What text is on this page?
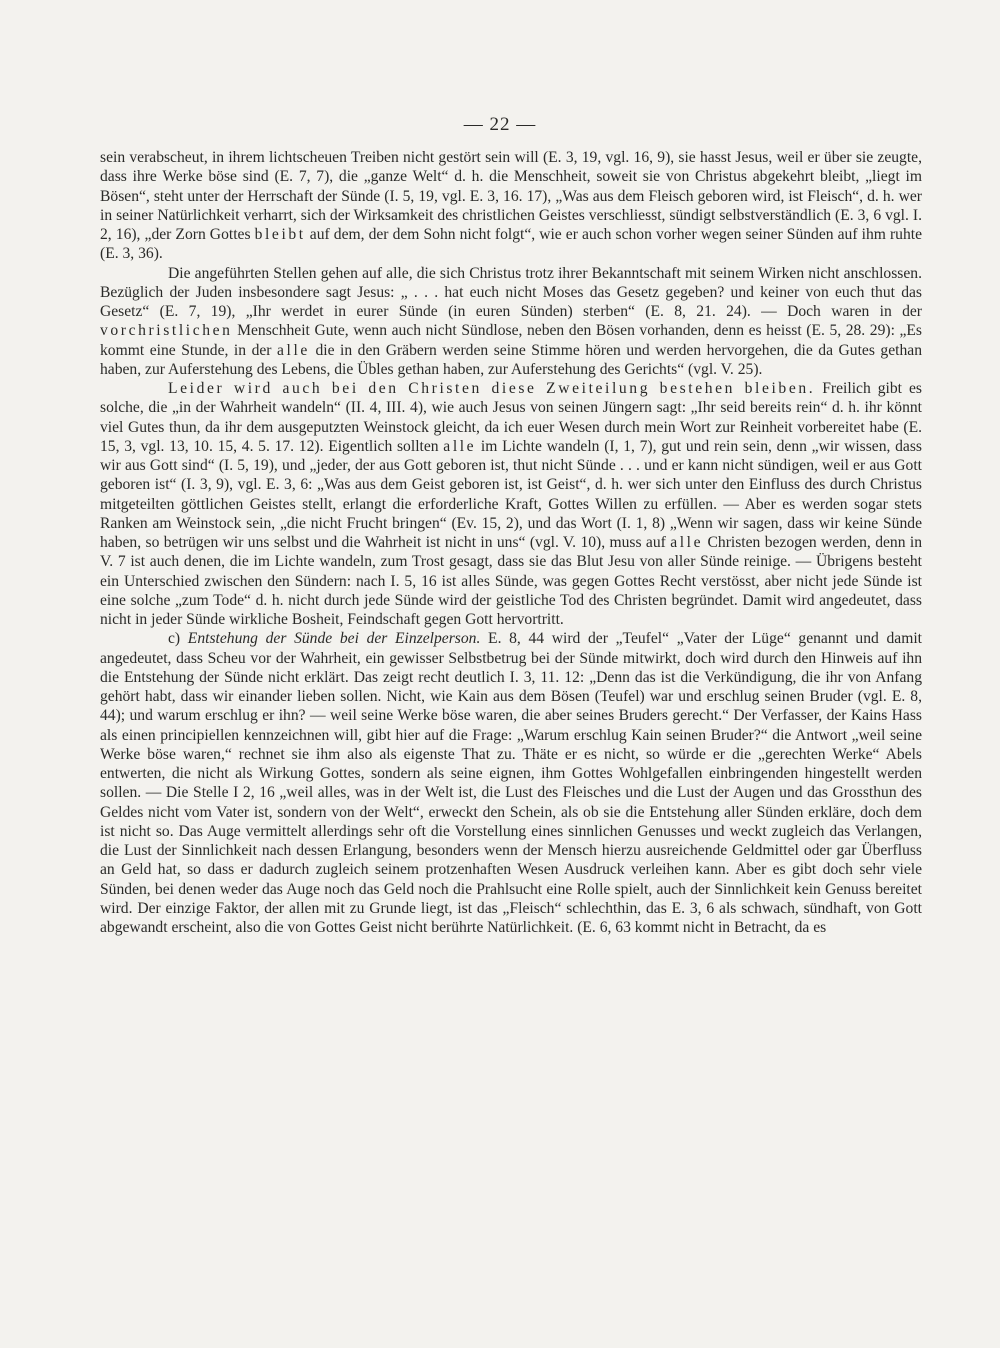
— 22 —

sein verabscheut, in ihrem lichtscheuen Treiben nicht gestört sein will (E. 3, 19, vgl. 16, 9), sie hasst Jesus, weil er über sie zeugte, dass ihre Werke böse sind (E. 7, 7), die „ganze Welt“ d. h. die Menschheit, soweit sie von Christus abgekehrt bleibt, „liegt im Bösen“, steht unter der Herrschaft der Sünde (I. 5, 19, vgl. E. 3, 16. 17), „Was aus dem Fleisch geboren wird, ist Fleisch“, d. h. wer in seiner Natürlichkeit verharrt, sich der Wirksamkeit des christlichen Geistes verschliesst, sündigt selbstverständlich (E. 3, 6 vgl. I. 2, 16), „der Zorn Gottes bleibt auf dem, der dem Sohn nicht folgt“, wie er auch schon vorher wegen seiner Sünden auf ihm ruhte (E. 3, 36).

Die angeführten Stellen gehen auf alle, die sich Christus trotz ihrer Bekanntschaft mit seinem Wirken nicht anschlossen. Bezüglich der Juden insbesondere sagt Jesus: „ . . . hat euch nicht Moses das Gesetz gegeben? und keiner von euch thut das Gesetz“ (E. 7, 19), „Ihr werdet in eurer Sünde (in euren Sünden) sterben“ (E. 8, 21. 24). — Doch waren in der vorchristlichen Menschheit Gute, wenn auch nicht Sündlose, neben den Bösen vorhanden, denn es heisst (E. 5, 28. 29): „Es kommt eine Stunde, in der alle die in den Gräbern werden seine Stimme hören und werden hervorgehen, die da Gutes gethan haben, zur Auferstehung des Lebens, die Übles gethan haben, zur Auferstehung des Gerichts“ (vgl. V. 25).

Leider wird auch bei den Christen diese Zweiteilung bestehen bleiben. Freilich gibt es solche, die „in der Wahrheit wandeln“ (II. 4, III. 4), wie auch Jesus von seinen Jüngern sagt: „Ihr seid bereits rein“ d. h. ihr könnt viel Gutes thun, da ihr dem ausgeputzten Weinstock gleicht, da ich euer Wesen durch mein Wort zur Reinheit vorbereitet habe (E. 15, 3, vgl. 13, 10. 15, 4. 5. 17. 12). Eigentlich sollten alle im Lichte wandeln (I, 1, 7), gut und rein sein, denn „wir wissen, dass wir aus Gott sind“ (I. 5, 19), und „jeder, der aus Gott geboren ist, thut nicht Sünde . . . und er kann nicht sündigen, weil er aus Gott geboren ist“ (I. 3, 9), vgl. E. 3, 6: „Was aus dem Geist geboren ist, ist Geist“, d. h. wer sich unter den Einfluss des durch Christus mitgeteilten göttlichen Geistes stellt, erlangt die erforderliche Kraft, Gottes Willen zu erfüllen. — Aber es werden sogar stets Ranken am Weinstock sein, „die nicht Frucht bringen“ (Ev. 15, 2), und das Wort (I. 1, 8) „Wenn wir sagen, dass wir keine Sünde haben, so betrügen wir uns selbst und die Wahrheit ist nicht in uns“ (vgl. V. 10), muss auf alle Christen bezogen werden, denn in V. 7 ist auch denen, die im Lichte wandeln, zum Trost gesagt, dass sie das Blut Jesu von aller Sünde reinige. — Übrigens besteht ein Unterschied zwischen den Sündern: nach I. 5, 16 ist alles Sünde, was gegen Gottes Recht verstösst, aber nicht jede Sünde ist eine solche „zum Tode“ d. h. nicht durch jede Sünde wird der geistliche Tod des Christen begründet. Damit wird angedeutet, dass nicht in jeder Sünde wirkliche Bosheit, Feindschaft gegen Gott hervortritt.

c) Entstehung der Sünde bei der Einzelperson. E. 8, 44 wird der „Teufel“ „Vater der Lüge“ genannt und damit angedeutet, dass Scheu vor der Wahrheit, ein gewisser Selbstbetrug bei der Sünde mitwirkt, doch wird durch den Hinweis auf ihn die Entstehung der Sünde nicht erklärt. Das zeigt recht deutlich I. 3, 11. 12: „Denn das ist die Verkündigung, die ihr von Anfang gehört habt, dass wir einander lieben sollen. Nicht, wie Kain aus dem Bösen (Teufel) war und erschlug seinen Bruder (vgl. E. 8, 44); und warum erschlug er ihn? — weil seine Werke böse waren, die aber seines Bruders gerecht.“ Der Verfasser, der Kains Hass als einen principiellen kennzeichnen will, gibt hier auf die Frage: „Warum erschlug Kain seinen Bruder?“ die Antwort „weil seine Werke böse waren,“ rechnet sie ihm also als eigenste That zu. Thäte er es nicht, so würde er die „gerechten Werke“ Abels entwerten, die nicht als Wirkung Gottes, sondern als seine eignen, ihm Gottes Wohlgefallen einbringenden hingestellt werden sollen. — Die Stelle I 2, 16 „weil alles, was in der Welt ist, die Lust des Fleisches und die Lust der Augen und das Grossthun des Geldes nicht vom Vater ist, sondern von der Welt“, erweckt den Schein, als ob sie die Entstehung aller Sünden erkläre, doch dem ist nicht so. Das Auge vermittelt allerdings sehr oft die Vorstellung eines sinnlichen Genusses und weckt zugleich das Verlangen, die Lust der Sinnlichkeit nach dessen Erlangung, besonders wenn der Mensch hierzu ausreichende Geldmittel oder gar Überfluss an Geld hat, so dass er dadurch zugleich seinem protzenhaften Wesen Ausdruck verleihen kann. Aber es gibt doch sehr viele Sünden, bei denen weder das Auge noch das Geld noch die Prahlsucht eine Rolle spielt, auch der Sinnlichkeit kein Genuss bereitet wird. Der einzige Faktor, der allen mit zu Grunde liegt, ist das „Fleisch“ schlechthin, das E. 3, 6 als schwach, sündhaft, von Gott abgewandt erscheint, also die von Gottes Geist nicht berührte Natürlichkeit. (E. 6, 63 kommt nicht in Betracht, da es
